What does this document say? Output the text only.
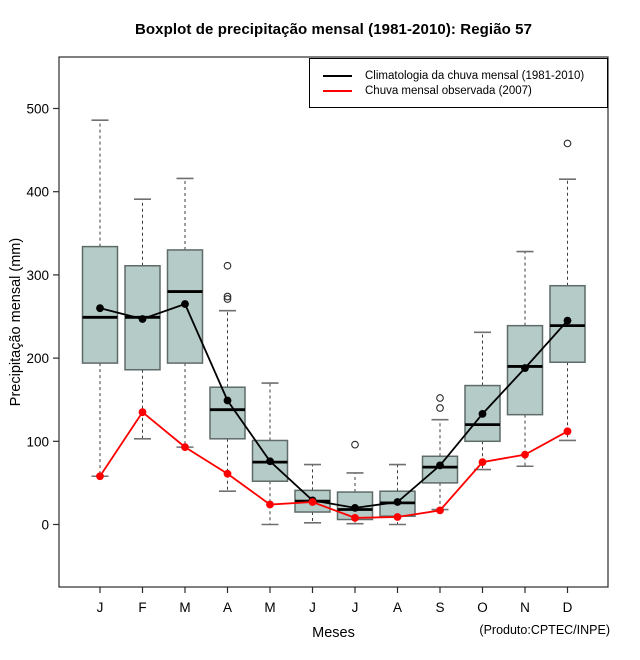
Boxplot de precipitação mensal (1981-2010): Região 57
0
100
200
300
400
500
J	F M A M J	J	A S O N D
Precipitação mensal (mm)
Meses	(Produto:CPTEC/INPE)
Climatologia da chuva mensal (1981-2010)
Chuva mensal observada (2007)
